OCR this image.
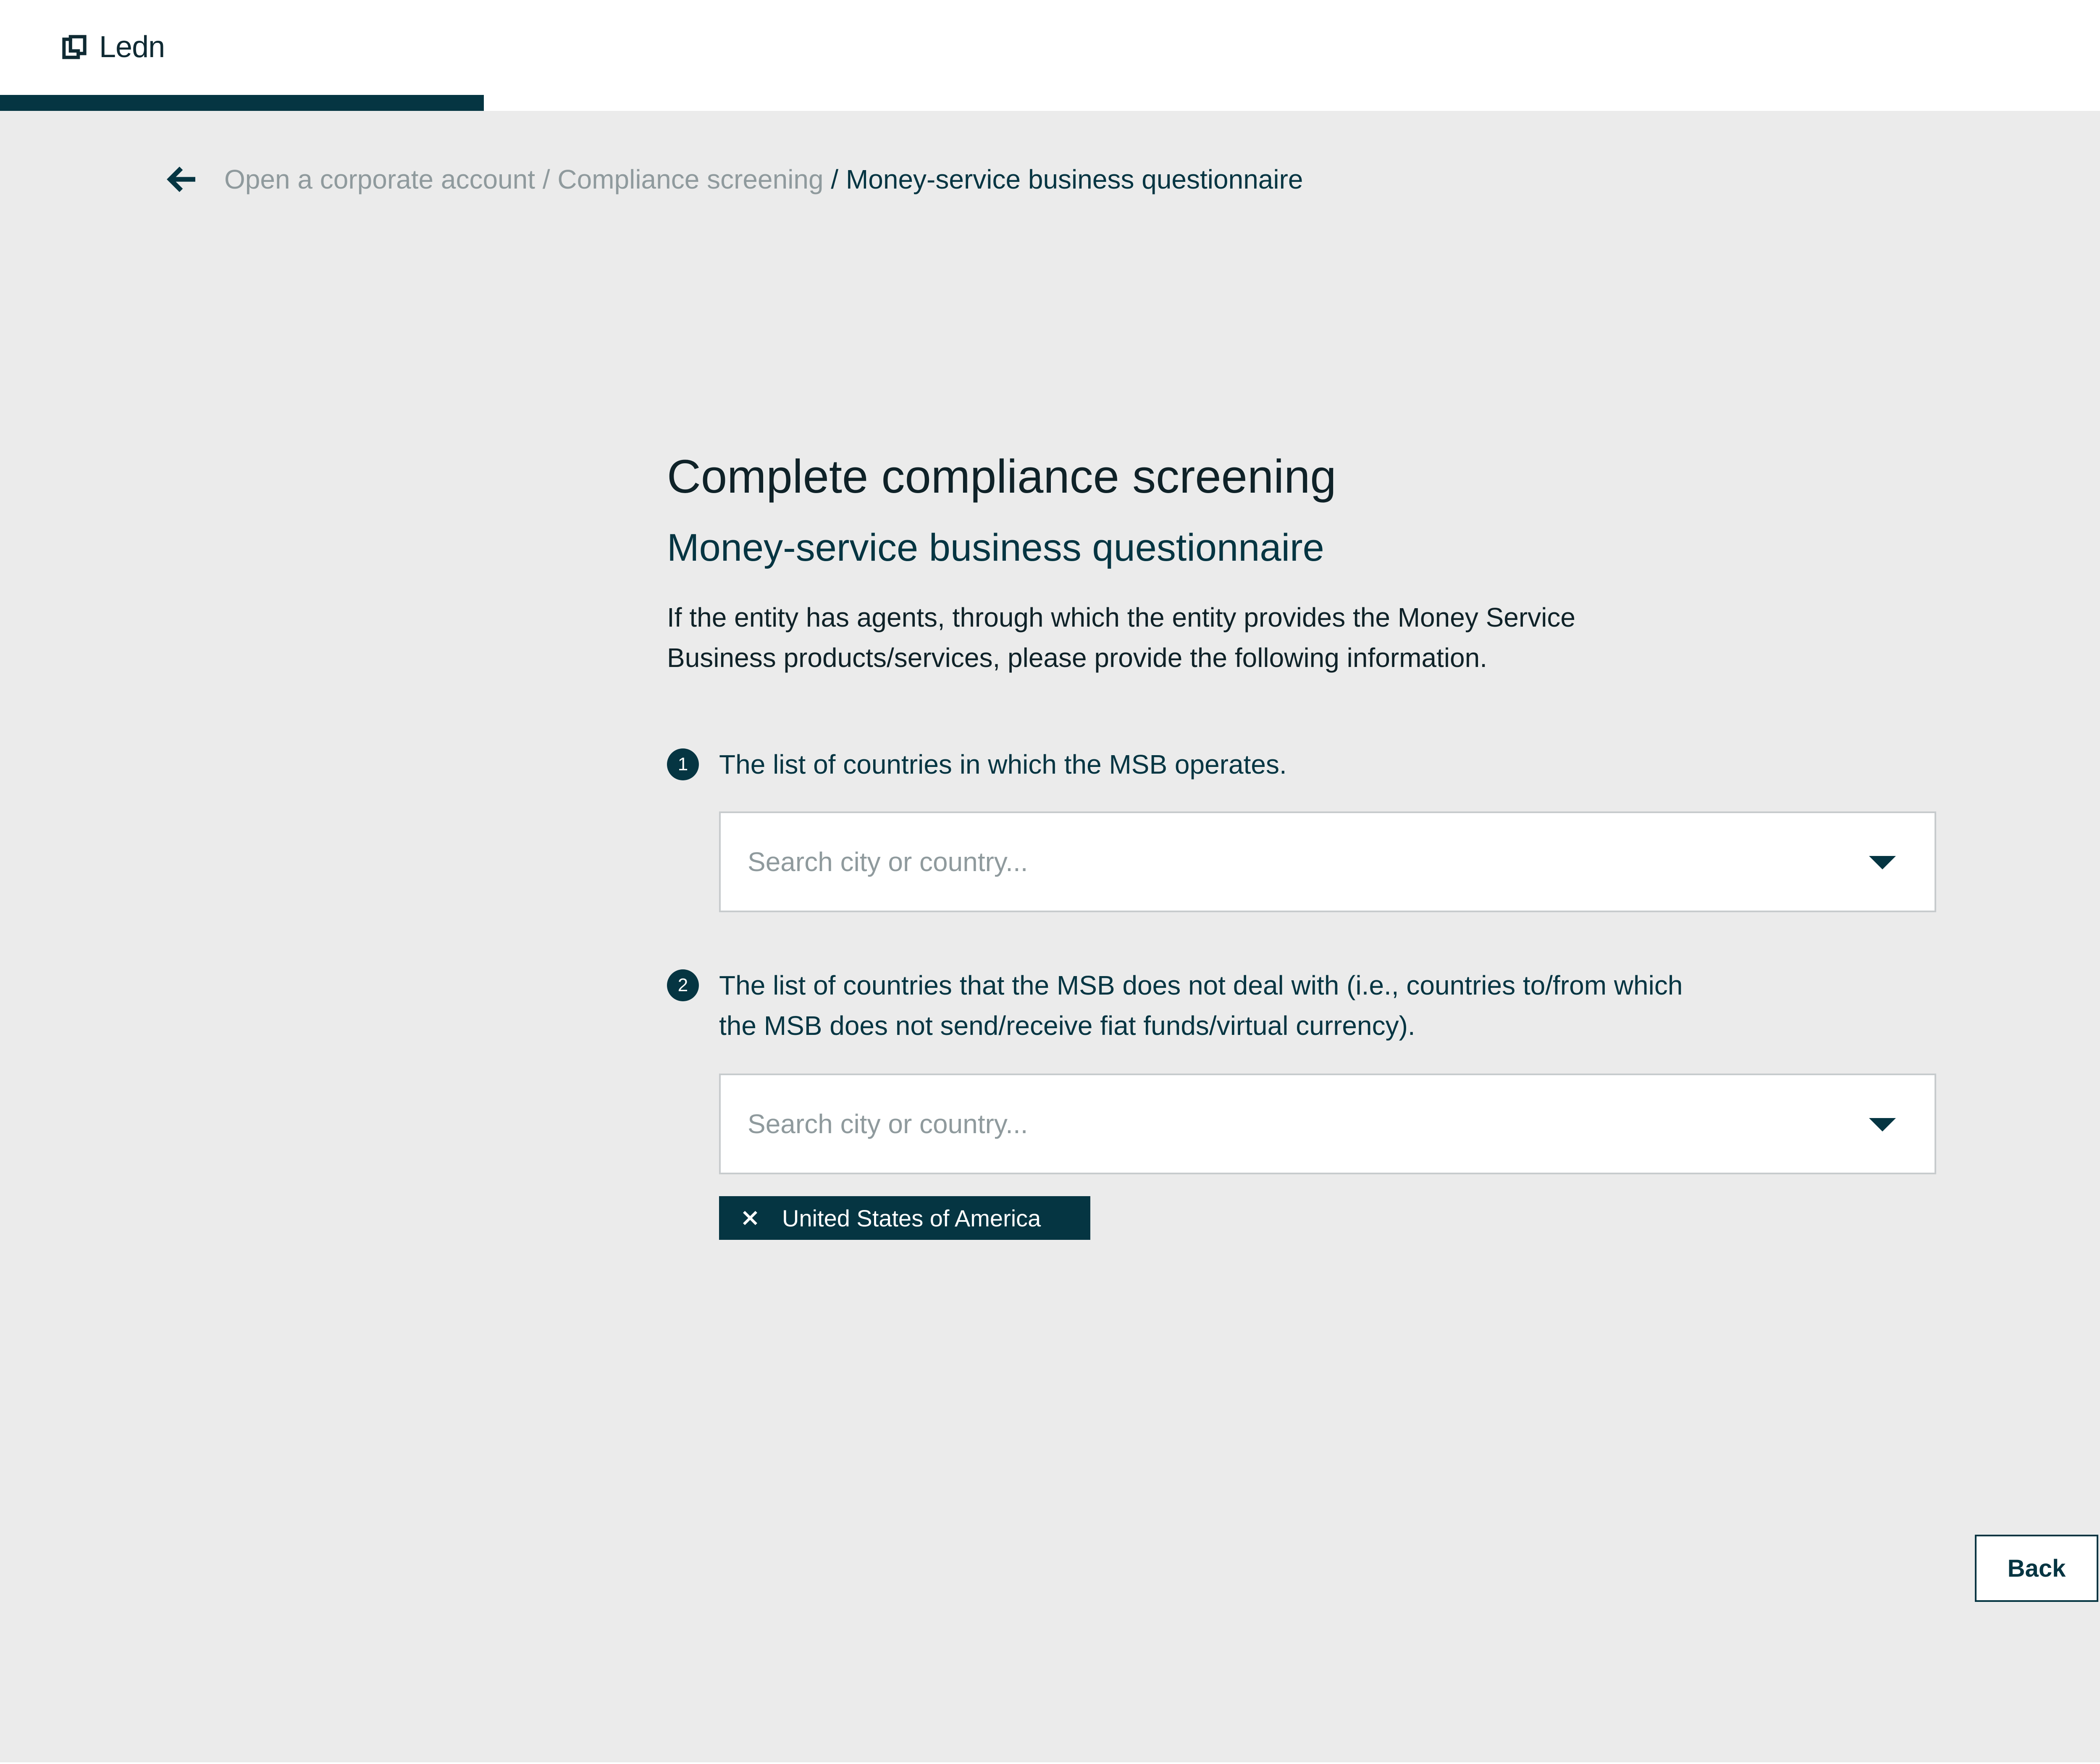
Ledn
Open a corporate account / Compliance screening / Money-service business questionnaire
Complete compliance screening
Money-service business questionnaire

If the entity has agents, through which the entity provides the Money Service Business products/services, please provide the following information.

1	The list of countries in which the MSB operates.
Search city or country...
2	The list of countries that the MSB does not deal with (i.e., countries to/from which the MSB does not send/receive fiat funds/virtual currency).
Search city or country...
United States of America
Back
